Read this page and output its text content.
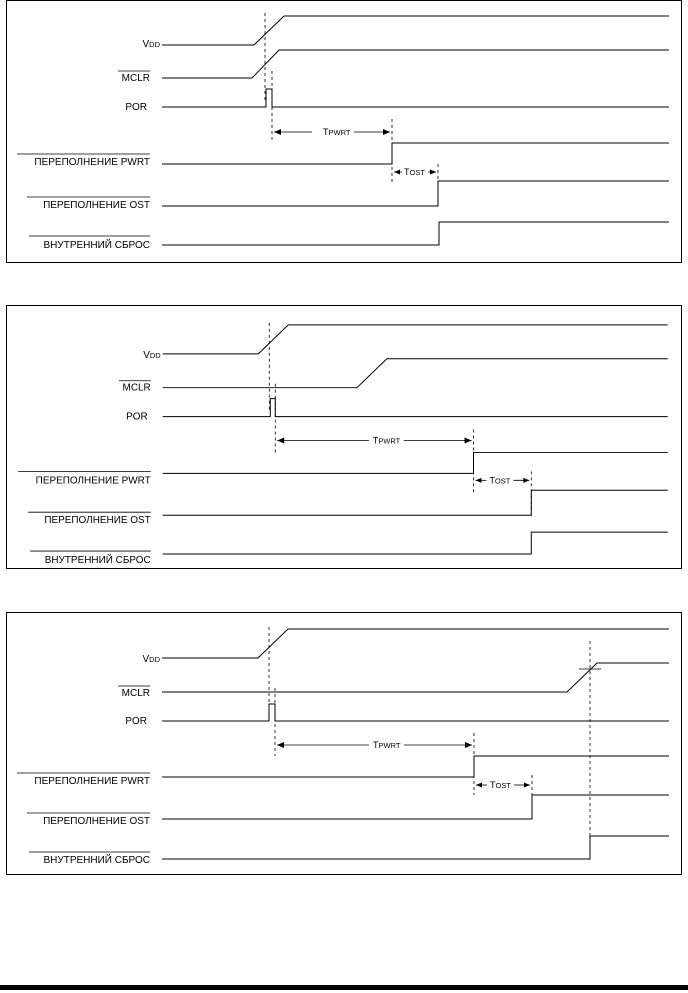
VDD
MCLR
POR
ПЕРЕПОЛНЕНИЕ PWRT
ПЕРЕПОЛНЕНИЕ OST
ВНУТРЕННИЙ СБРОС
TPWRT
TOST
VDD
MCLR
POR
ПЕРЕПОЛНЕНИЕ PWRT
ПЕРЕПОЛНЕНИЕ OST
ВНУТРЕННИЙ СБРОС
TPWRT
TOST
VDD
MCLR
POR
ПЕРЕПОЛНЕНИЕ PWRT
ПЕРЕПОЛНЕНИЕ OST
ВНУТРЕННИЙ СБРОС
TPWRT
TOST
